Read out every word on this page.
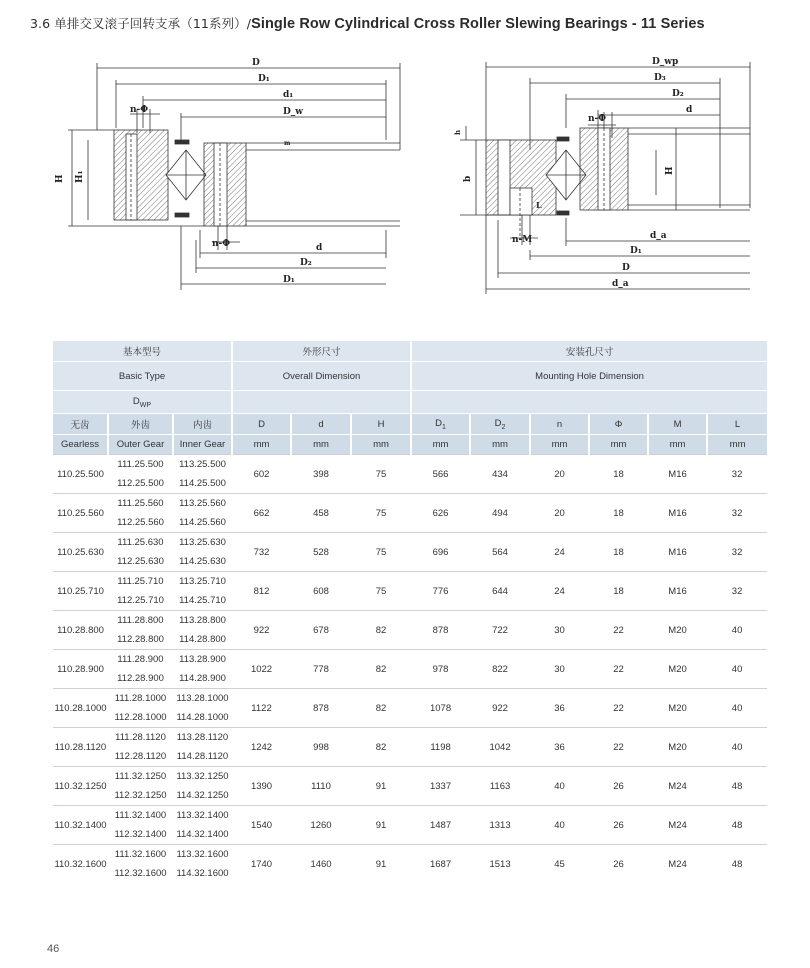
3.6 单排交叉滚子回转支承（11系列）/Single Row Cylindrical Cross Roller Slewing Bearings - 11 Series
D
D₁
d₁
D_w
n-Φ
n-Φ	d
D₂
D₁
H H₁
m
D_wp
D₃
D₂
d
n-Φ
n-M	d_a
D₁
D
d_a
h
b
H
L
基本型号			外形尺寸			安装孔尺寸					
Basic Type			Overall Dimension			Mounting Hole Dimension					
$D_{WP}$		
无齿	外齿	内齿	D	d	H	$D_1$	$D_2$	n	Φ	M	L
Gearless	Outer Gear	Inner Gear	mm	mm	mm	mm	mm	mm	mm	mm	mm
110.25.500	111.25.500	113.25.500	602	398	75	566	434	20	18	M16	32
	112.25.500	114.25.500									
110.25.560	111.25.560	113.25.560	662	458	75	626	494	20	18	M16	32
	112.25.560	114.25.560									
110.25.630	111.25.630	113.25.630	732	528	75	696	564	24	18	M16	32
	112.25.630	114.25.630									
110.25.710	111.25.710	113.25.710	812	608	75	776	644	24	18	M16	32
	112.25.710	114.25.710									
110.28.800	111.28.800	113.28.800	922	678	82	878	722	30	22	M20	40
	112.28.800	114.28.800									
110.28.900	111.28.900	113.28.900	1022	778	82	978	822	30	22	M20	40
	112.28.900	114.28.900									
110.28.1000	111.28.1000	113.28.1000	1122	878	82	1078	922	36	22	M20	40
	112.28.1000	114.28.1000									
110.28.1120	111.28.1120	113.28.1120	1242	998	82	1198	1042	36	22	M20	40
	112.28.1120	114.28.1120									
110.32.1250	111.32.1250	113.32.1250	1390	1110	91	1337	1163	40	26	M24	48
	112.32.1250	114.32.1250									
110.32.1400	111.32.1400	113.32.1400	1540	1260	91	1487	1313	40	26	M24	48
	112.32.1400	114.32.1400									
110.32.1600	111.32.1600	113.32.1600	1740	1460	91	1687	1513	45	26	M24	48
	112.32.1600	114.32.1600									
46
